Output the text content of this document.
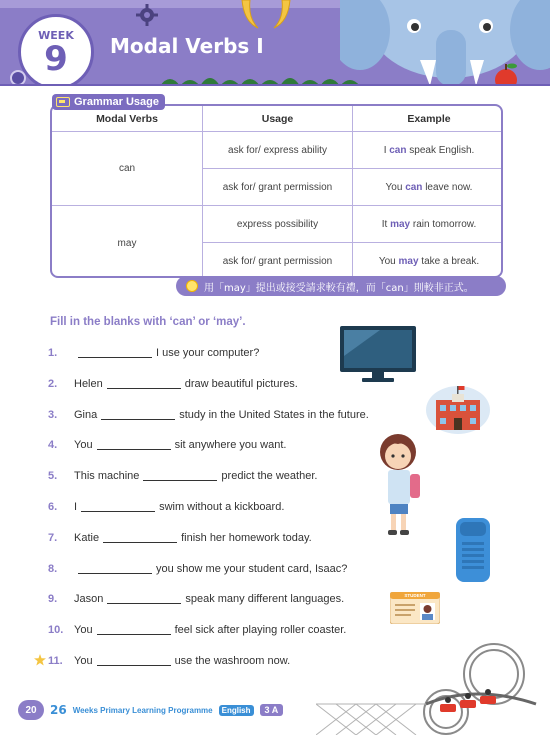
WEEK
9	Modal Verbs I
Modal Verbs	Usage	Example
can
ask for/ express ability	I can speak English.
ask for/ grant permission	You can leave now.
may
express possibility	It may rain tomorrow.
ask for/ grant permission	You may take a break.
Grammar Usage
用「may」提出或接受請求較有禮，而「can」則較非正式。
Fill in the blanks with ‘can’ or ‘may’.
1.	I use your computer?
2.	Helen	draw beautiful pictures.
3.	Gina	study in the United States in the future.
4.	You	sit anywhere you want.
5.	This machine	predict the weather.
6.	I	swim without a kickboard.
7.	Katie	finish her homework today.
8.	you show me your student card, Isaac?
9.	Jason	speak many different languages.
10. You	feel sick after playing roller coaster.
11.	You	use the washroom now.
STUDENT
20	26 Weeks Primary Learning Programme	English	3 A
